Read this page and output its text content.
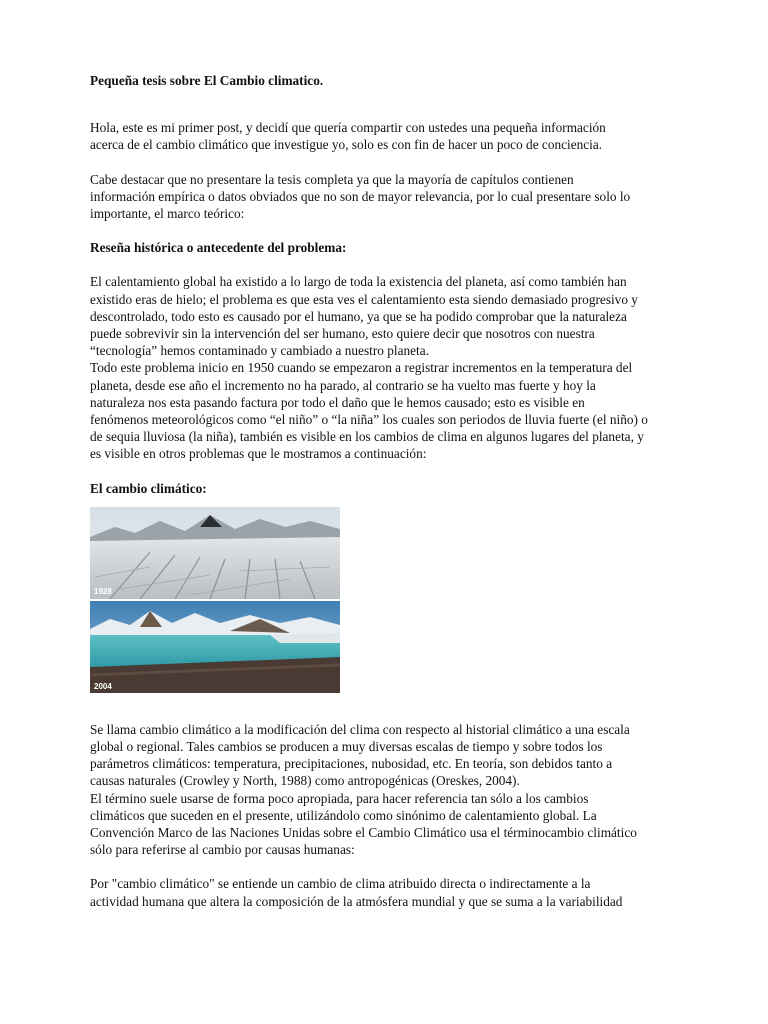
Pequeña tesis sobre El Cambio climatico.

Hola, este es mi primer post, y decidí que quería compartir con ustedes una pequeña información

acerca de el cambio climático que investigue yo, solo es con fin de hacer un poco de conciencia.

Cabe destacar que no presentare la tesis completa ya que la mayoría de capítulos contienen

información empírica o datos obviados que no son de mayor relevancia, por lo cual presentare solo lo

importante, el marco teórico:

Reseña histórica o antecedente del problema:

El calentamiento global ha existido a lo largo de toda la existencia del planeta, así como también han

existido eras de hielo; el problema es que esta ves el calentamiento esta siendo demasiado progresivo y

descontrolado, todo esto es causado por el humano, ya que se ha podido comprobar que la naturaleza

puede sobrevivir sin la intervención del ser humano, esto quiere decir que nosotros con nuestra

“tecnología” hemos contaminado y cambiado a nuestro planeta.

Todo este problema inicio en 1950 cuando se empezaron a registrar incrementos en la temperatura del

planeta, desde ese año el incremento no ha parado, al contrario se ha vuelto mas fuerte y hoy la

naturaleza nos esta pasando factura por todo el daño que le hemos causado; esto es visible en

fenómenos meteorológicos como “el niño” o “la niña” los cuales son periodos de lluvia fuerte (el niño) o

de sequia lluviosa (la niña), también es visible en los cambios de clima en algunos lugares del planeta, y

es visible en otros problemas que le mostramos a continuación:

El cambio climático:

1928
2004

Se llama cambio climático a la modificación del clima con respecto al historial climático a una escala

global o regional. Tales cambios se producen a muy diversas escalas de tiempo y sobre todos los

parámetros climáticos: temperatura, precipitaciones, nubosidad, etc. En teoría, son debidos tanto a

causas naturales (Crowley y North, 1988) como antropogénicas (Oreskes, 2004).

El término suele usarse de forma poco apropiada, para hacer referencia tan sólo a los cambios

climáticos que suceden en el presente, utilizándolo como sinónimo de calentamiento global. La

Convención Marco de las Naciones Unidas sobre el Cambio Climático usa el términocambio climático

sólo para referirse al cambio por causas humanas:

Por "cambio climático" se entiende un cambio de clima atribuido directa o indirectamente a la

actividad humana que altera la composición de la atmósfera mundial y que se suma a la variabilidad
